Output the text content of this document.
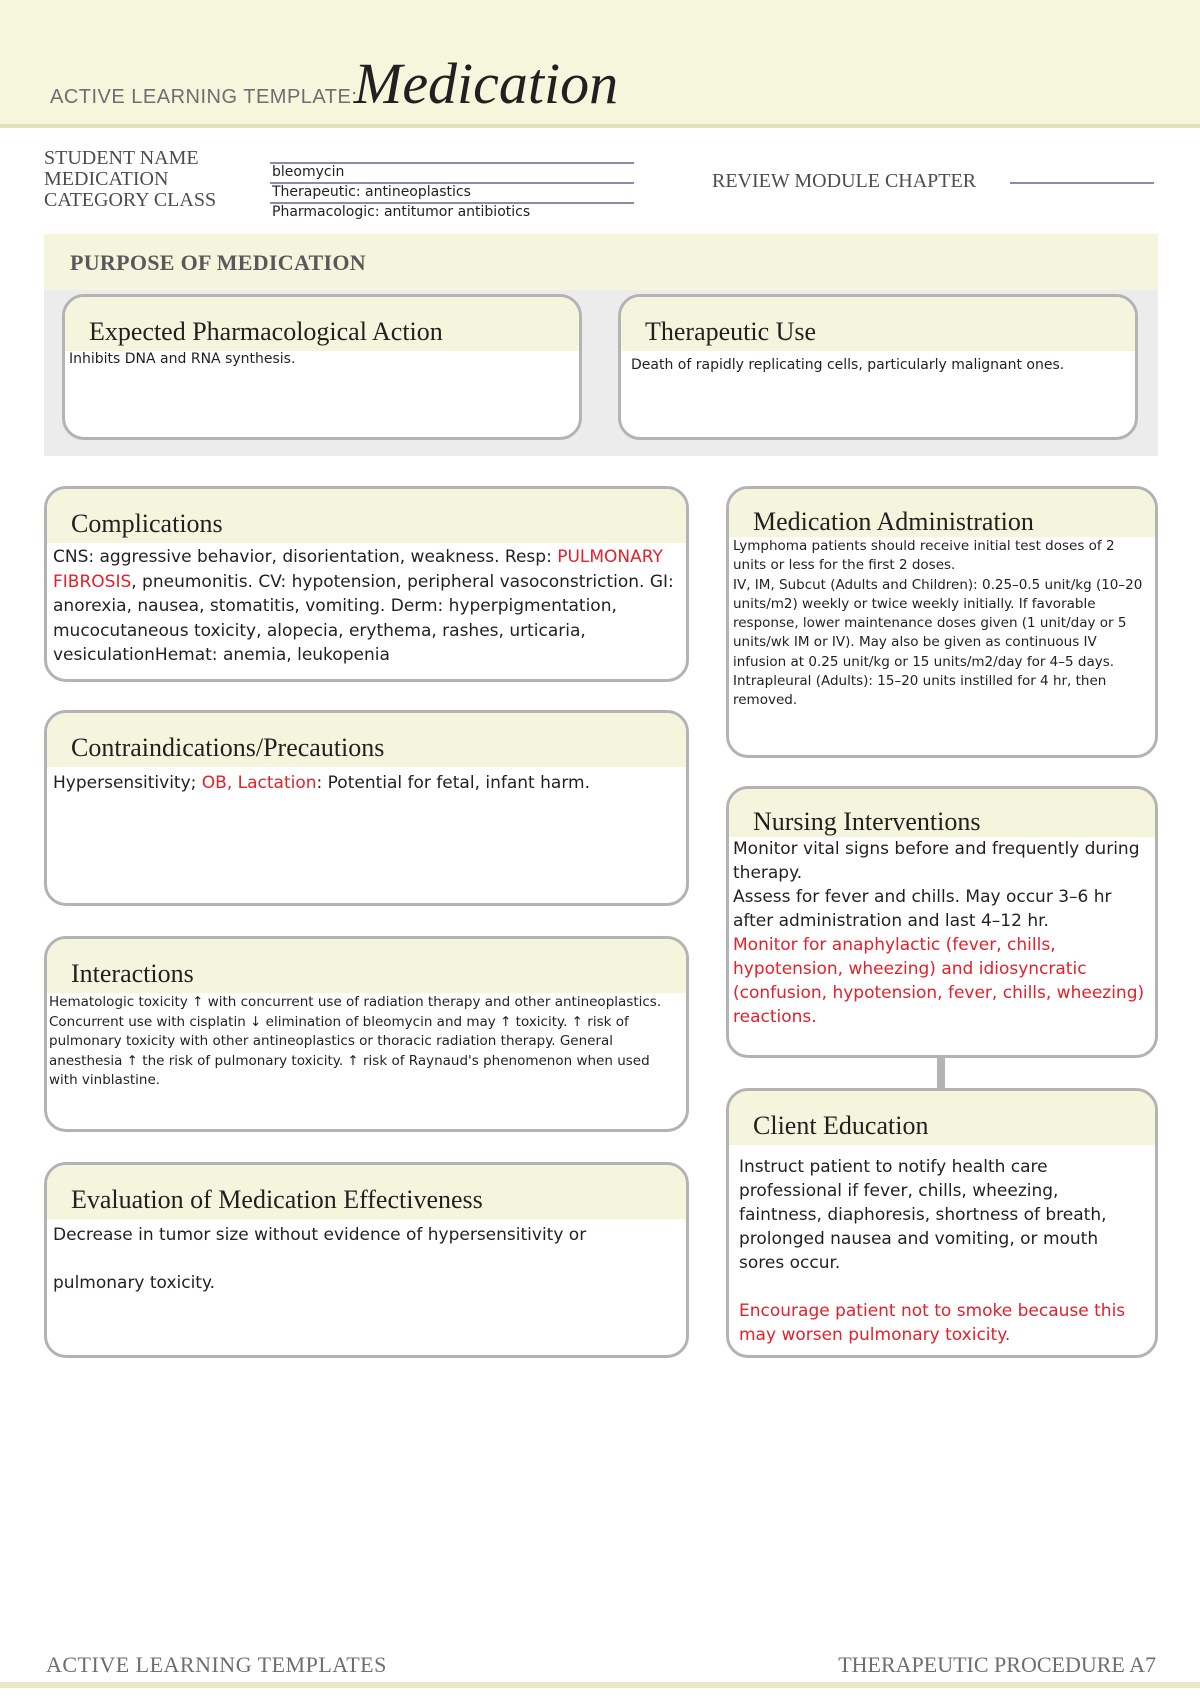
ACTIVE LEARNING TEMPLATE:
Medication
STUDENT NAME
MEDICATION
CATEGORY CLASS
bleomycin
Therapeutic: antineoplastics
Pharmacologic: antitumor antibiotics
REVIEW MODULE CHAPTER
PURPOSE OF MEDICATION
Expected Pharmacological Action
Inhibits DNA and RNA synthesis.
Therapeutic Use
Death of rapidly replicating cells, particularly malignant ones.
Complications
CNS: aggressive behavior, disorientation, weakness. Resp: PULMONARY FIBROSIS, pneumonitis. CV: hypotension, peripheral vasoconstriction. GI: anorexia, nausea, stomatitis, vomiting. Derm: hyperpigmentation, mucocutaneous toxicity, alopecia, erythema, rashes, urticaria, vesiculationHemat: anemia, leukopenia
Contraindications/Precautions
Hypersensitivity; OB, Lactation: Potential for fetal, infant harm.
Interactions
Hematologic toxicity ↑ with concurrent use of radiation therapy and other antineoplastics. Concurrent use with cisplatin ↓ elimination of bleomycin and may ↑ toxicity. ↑ risk of pulmonary toxicity with other antineoplastics or thoracic radiation therapy. General anesthesia ↑ the risk of pulmonary toxicity. ↑ risk of Raynaud's phenomenon when used with vinblastine.
Evaluation of Medication Effectiveness
Decrease in tumor size without evidence of hypersensitivity or
pulmonary toxicity.
Medication Administration
Lymphoma patients should receive initial test doses of 2 units or less for the first 2 doses.
IV, IM, Subcut (Adults and Children): 0.25–0.5 unit/kg (10–20 units/m2) weekly or twice weekly initially. If favorable response, lower maintenance doses given (1 unit/day or 5 units/wk IM or IV). May also be given as continuous IV infusion at 0.25 unit/kg or 15 units/m2/day for 4–5 days.
Intrapleural (Adults): 15–20 units instilled for 4 hr, then removed.
Nursing Interventions
Monitor vital signs before and frequently during therapy.
Assess for fever and chills. May occur 3–6 hr after administration and last 4–12 hr.
Monitor for anaphylactic (fever, chills, hypotension, wheezing) and idiosyncratic (confusion, hypotension, fever, chills, wheezing) reactions.
Client Education
Instruct patient to notify health care professional if fever, chills, wheezing, faintness, diaphoresis, shortness of breath, prolonged nausea and vomiting, or mouth sores occur.
Encourage patient not to smoke because this may worsen pulmonary toxicity.
ACTIVE LEARNING TEMPLATES	THERAPEUTIC PROCEDURE A7
